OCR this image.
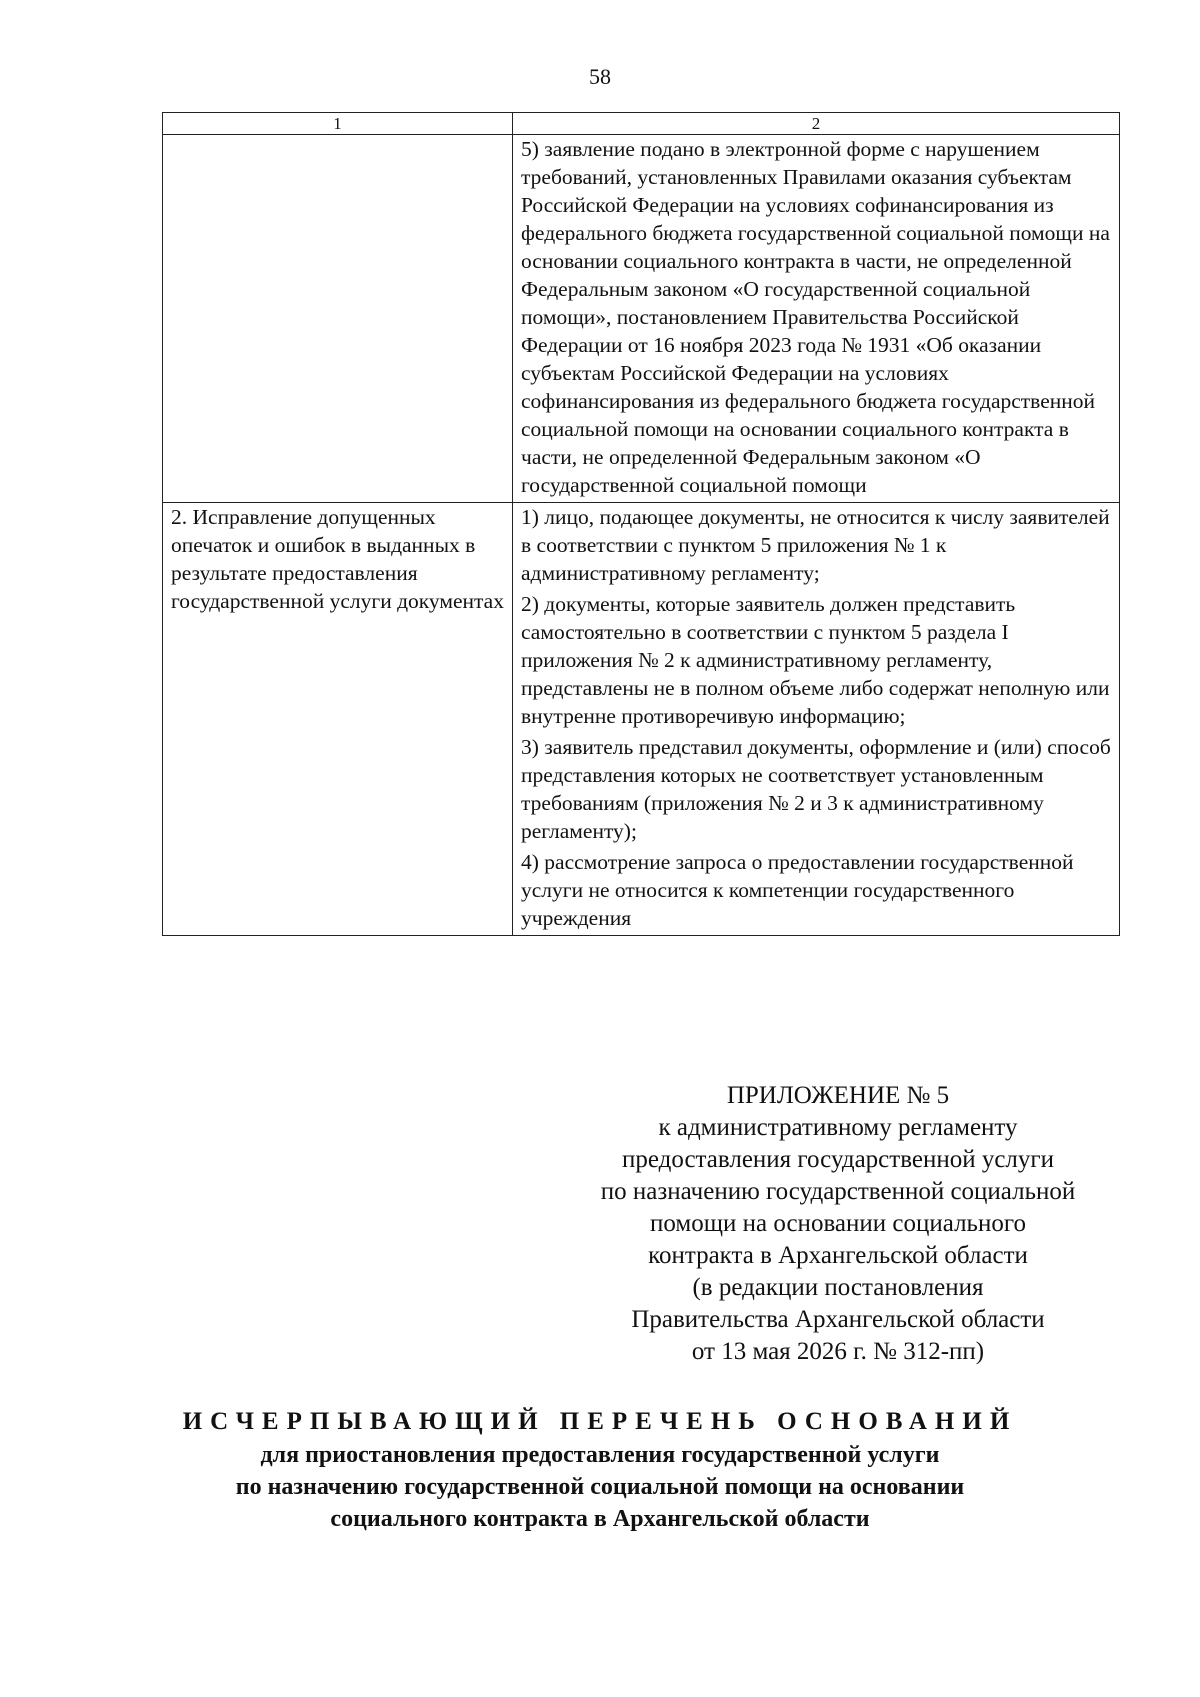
58
1	2

	5) заявление подано в электронной форме с нарушением требований, установленных Правилами оказания субъектам Российской Федерации на условиях софинансирования из федерального бюджета государственной социальной помощи на основании социального контракта в части, не определенной Федеральным законом «О государственной социальной помощи», постановлением Правительства Российской Федерации от 16 ноября 2023 года № 1931 «Об оказании субъектам Российской Федерации на условиях софинансирования из федерального бюджета государственной социальной помощи на основании социального контракта в части, не определенной Федеральным законом «О государственной социальной помощи

2. Исправление допущенных опечаток и ошибок в выданных в результате предоставления государственной услуги документах	1) лицо, подающее документы, не относится к числу заявителей в соответствии с пунктом 5 приложения № 1 к административному регламенту;

2) документы, которые заявитель должен представить самостоятельно в соответствии с пунктом 5 раздела I приложения № 2 к административному регламенту, представлены не в полном объеме либо содержат неполную или внутренне противоречивую информацию;

3) заявитель представил документы, оформление и (или) способ представления которых не соответствует установленным требованиям (приложения № 2 и 3 к административному регламенту);

4) рассмотрение запроса о предоставлении государственной услуги не относится к компетенции государственного учреждения

ПРИЛОЖЕНИЕ № 5
к административному регламенту
предоставления государственной услуги
по назначению государственной социальной
помощи на основании социального
контракта в Архангельской области
(в редакции постановления
Правительства Архангельской области
от 13 мая 2026 г. № 312-пп)
ИСЧЕРПЫВАЮЩИЙ ПЕРЕЧЕНЬ ОСНОВАНИЙ
для приостановления предоставления государственной услуги
по назначению государственной социальной помощи на основании
социального контракта в Архангельской области
